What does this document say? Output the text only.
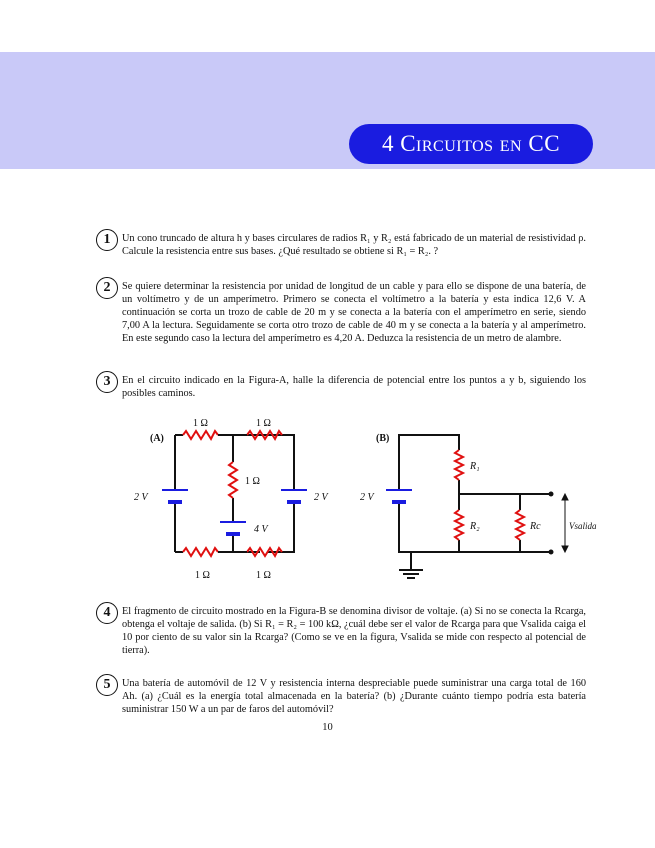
4 Circuitos en CC
1	Un cono truncado de altura h y bases circulares de radios R₁ y R₂ está fabricado de un material de resistividad ρ. Calcule la resistencia entre sus bases. ¿Qué resultado se obtiene si R₁ = R₂. ?
2	Se quiere determinar la resistencia por unidad de longitud de un cable y para ello se dispone de una batería, de un voltímetro y de un amperímetro. Primero se conecta el voltímetro a la batería y esta indica 12,6 V. A continuación se corta un trozo de cable de 20 m y se conecta a la batería con el amperímetro en serie, siendo 7,00 A la lectura. Seguidamente se corta otro trozo de cable de 40 m y se conecta a la batería y al amperímetro. En este segundo caso la lectura del amperímetro es 4,20 A. Deduzca la resistencia de un metro de alambre.
3	En el circuito indicado en la Figura-A, halle la diferencia de potencial entre los puntos a y b, siguiendo los posibles caminos.
(A)
1 Ω	1 Ω
1 Ω
1 Ω	1 Ω
2 V	2 V
4 V
(B)
2 V
R₁
R₂	Rc	Vsalida
4	El fragmento de circuito mostrado en la Figura-B se denomina divisor de voltaje. (a) Si no se conecta la Rcarga, obtenga el voltaje de salida. (b) Si R₁ = R₂ = 100 kΩ, ¿cuál debe ser el valor de Rcarga para que Vsalida caiga el 10 por ciento de su valor sin la Rcarga? (Como se ve en la figura, Vsalida se mide con respecto al potencial de tierra).
5	Una batería de automóvil de 12 V y resistencia interna despreciable puede suministrar una carga total de 160 Ah. (a) ¿Cuál es la energía total almacenada en la batería? (b) ¿Durante cuánto tiempo podría esta batería suministrar 150 W a un par de faros del automóvil?
10
